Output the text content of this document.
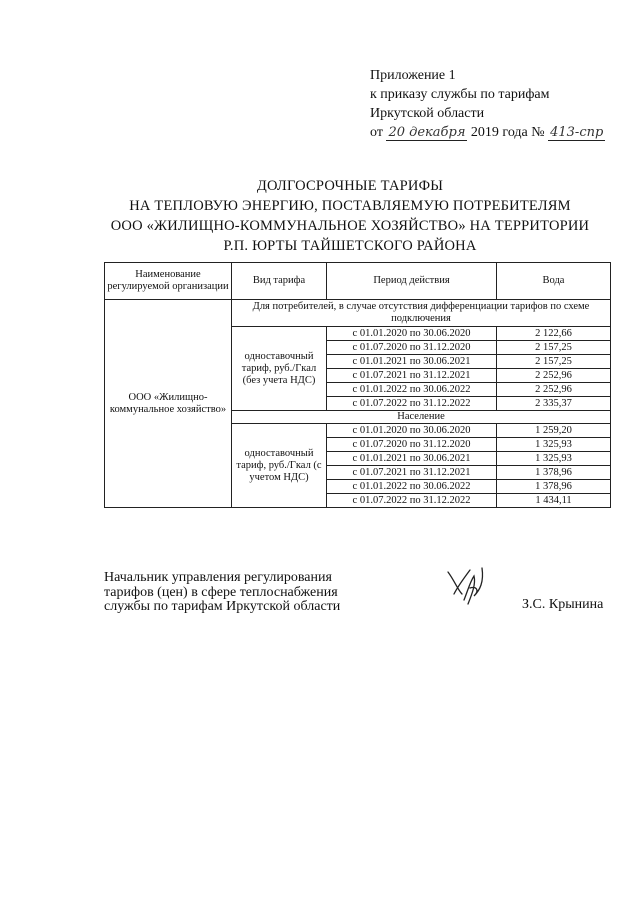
Приложение 1
к приказу службы по тарифам
Иркутской области
от 20 декабря 2019 года № 413-спр
ДОЛГОСРОЧНЫЕ ТАРИФЫ
НА ТЕПЛОВУЮ ЭНЕРГИЮ, ПОСТАВЛЯЕМУЮ ПОТРЕБИТЕЛЯМ
ООО «ЖИЛИЩНО-КОММУНАЛЬНОЕ ХОЗЯЙСТВО» НА ТЕРРИТОРИИ
Р.П. ЮРТЫ ТАЙШЕТСКОГО РАЙОНА
Наименование регулируемой организации	Вид тарифа	Период действия	Вода
ООО «Жилищно-коммунальное хозяйство»	Для потребителей, в случае отсутствия дифференциации тарифов по схеме подключения		
	одноставочный тариф, руб./Гкал (без учета НДС)	с 01.01.2020 по 30.06.2020	2 122,66
		с 01.07.2020 по 31.12.2020	2 157,25
		с 01.01.2021 по 30.06.2021	2 157,25
		с 01.07.2021 по 31.12.2021	2 252,96
		с 01.01.2022 по 30.06.2022	2 252,96
		с 01.07.2022 по 31.12.2022	2 335,37
	Население		
	одноставочный тариф, руб./Гкал (с учетом НДС)	с 01.01.2020 по 30.06.2020	1 259,20
		с 01.07.2020 по 31.12.2020	1 325,93
		с 01.01.2021 по 30.06.2021	1 325,93
		с 01.07.2021 по 31.12.2021	1 378,96
		с 01.01.2022 по 30.06.2022	1 378,96
		с 01.07.2022 по 31.12.2022	1 434,11
Начальник управления регулирования
тарифов (цен) в сфере теплоснабжения
службы по тарифам Иркутской области	З.С. Крынина
